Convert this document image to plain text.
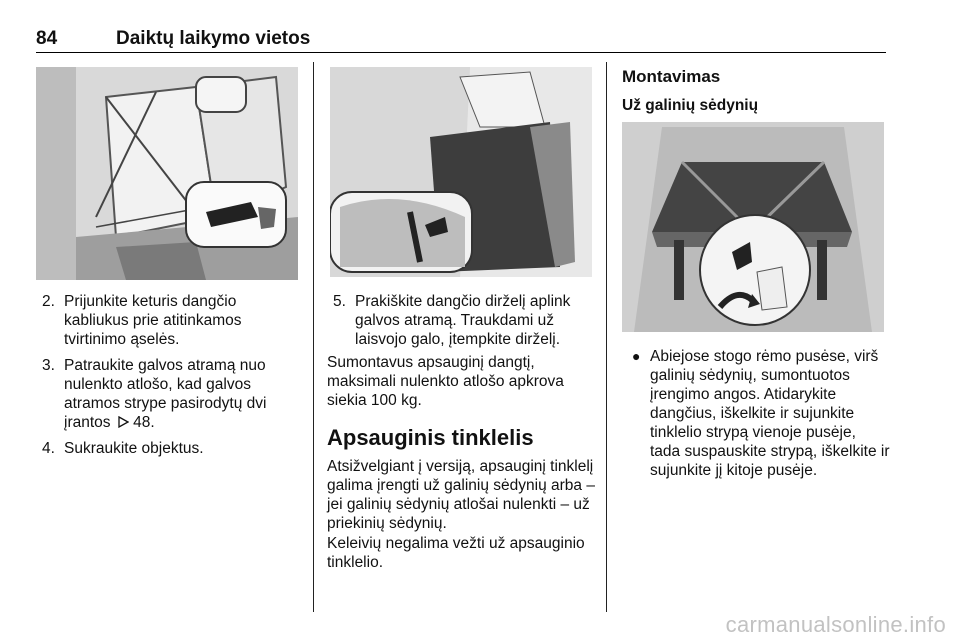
84	Daiktų laikymo vietos
2. Prijunkite keturis dangčio kabliukus prie atitinkamos tvirtinimo ąselės.
3. Patraukite galvos atramą nuo nulenkto atlošo, kad galvos atramos strype pasirodytų dvi įrantos 48.
4. Sukraukite objektus.
5. Prakiškite dangčio dirželį aplink galvos atramą. Traukdami už laisvojo galo, įtempkite dirželį.

Sumontavus apsauginį dangtį, maksimali nulenkto atlošo apkrova siekia 100 kg.

Apsauginis tinklelis

Atsižvelgiant į versiją, apsauginį tinklelį galima įrengti už galinių sėdynių arba – jei galinių sėdynių atlošai nulenkti – už priekinių sėdynių.

Keleivių negalima vežti už apsauginio tinklelio.

Montavimas
Už galinių sėdynių
● Abiejose stogo rėmo pusėse, virš galinių sėdynių, sumontuotos įrengimo angos. Atidarykite dangčius, iškelkite ir sujunkite tinklelio strypą vienoje pusėje, tada suspauskite strypą, iškelkite ir sujunkite jį kitoje pusėje.
carmanualsonline.info
